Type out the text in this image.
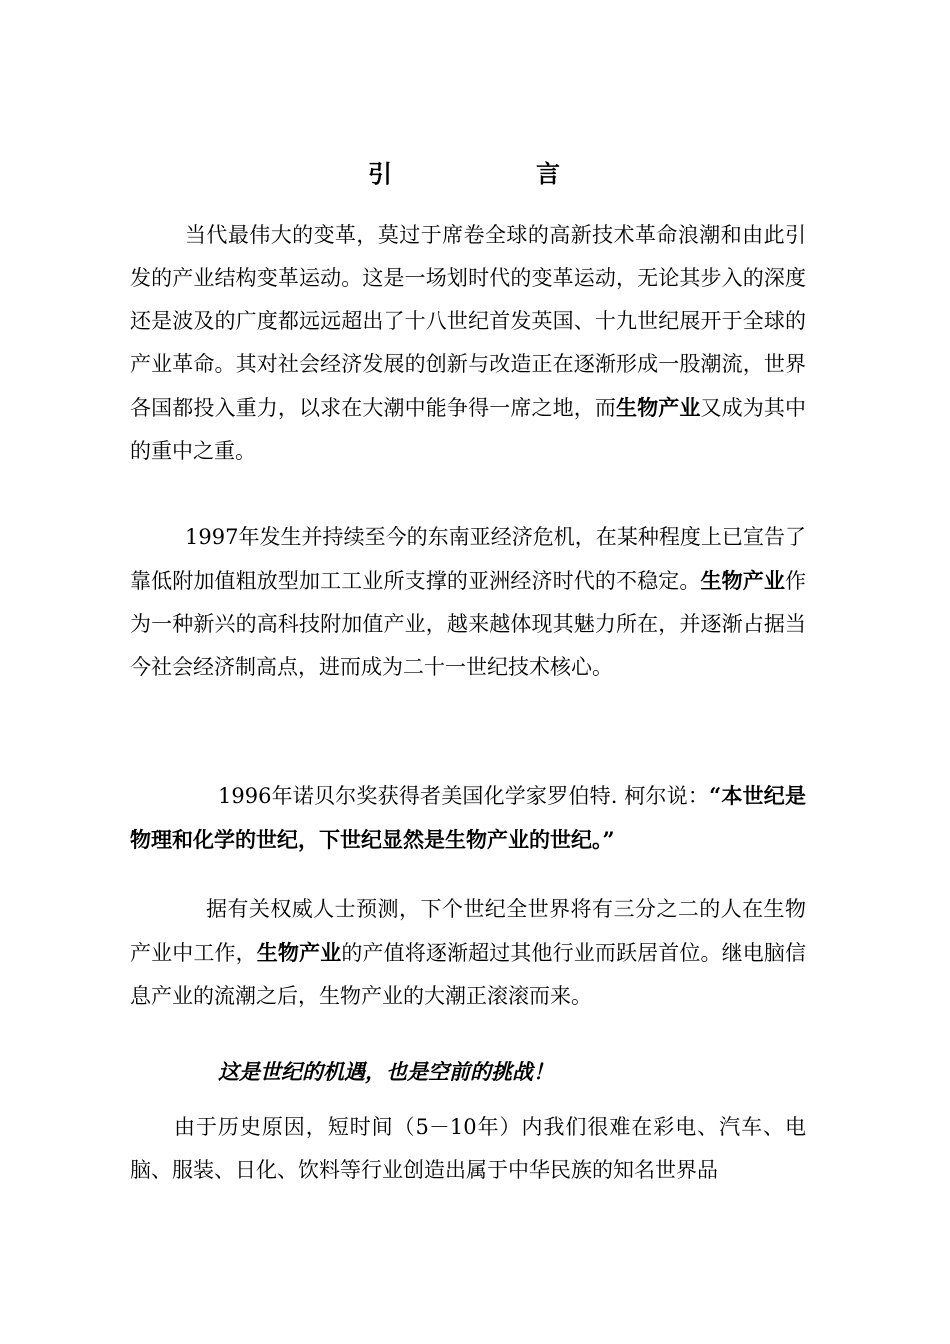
引　言

当代最伟大的变革，莫过于席卷全球的高新技术革命浪潮和由此引发的产业结构变革运动。这是一场划时代的变革运动，无论其步入的深度还是波及的广度都远远超出了十八世纪首发英国、十九世纪展开于全球的产业革命。其对社会经济发展的创新与改造正在逐渐形成一股潮流，世界各国都投入重力，以求在大潮中能争得一席之地，而生物产业又成为其中的重中之重。

1997年发生并持续至今的东南亚经济危机，在某种程度上已宣告了靠低附加值粗放型加工工业所支撑的亚洲经济时代的不稳定。生物产业作为一种新兴的高科技附加值产业，越来越体现其魅力所在，并逐渐占据当今社会经济制高点，进而成为二十一世纪技术核心。

1996年诺贝尔奖获得者美国化学家罗伯特. 柯尔说：“本世纪是物理和化学的世纪，下世纪显然是生物产业的世纪。”

据有关权威人士预测，下个世纪全世界将有三分之二的人在生物产业中工作，生物产业的产值将逐渐超过其他行业而跃居首位。继电脑信息产业的流潮之后，生物产业的大潮正滚滚而来。

这是世纪的机遇，也是空前的挑战！

由于历史原因，短时间（5－10年）内我们很难在彩电、汽车、电脑、服装、日化、饮料等行业创造出属于中华民族的知名世界品
